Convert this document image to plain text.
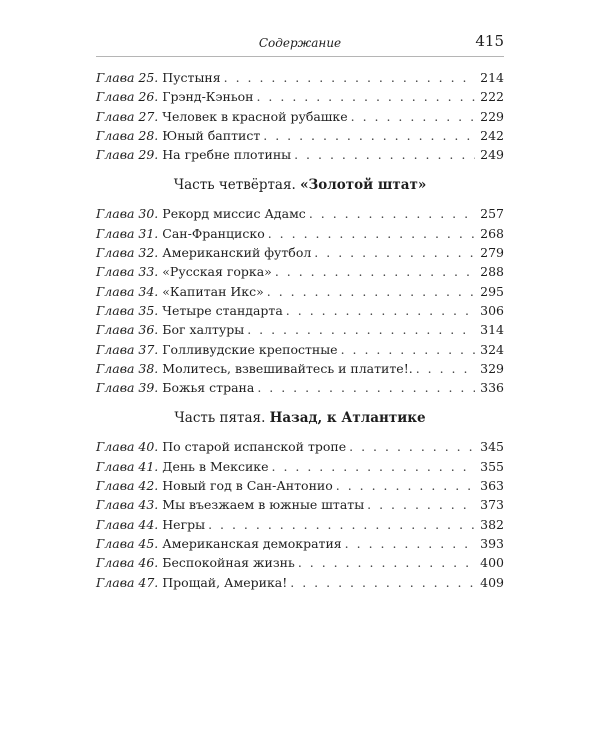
Содержание	415
Глава 25. Пустыня . . .	214
Глава 26. Грэнд-Кэньон . . .	222
Глава 27. Человек в красной рубашке . . .	229
Глава 28. Юный баптист . . .	242
Глава 29. На гребне плотины . . .	249
Часть четвёртая. «Золотой штат»
Глава 30. Рекорд миссис Адамс . . .	257
Глава 31. Сан-Франциско . . .	268
Глава 32. Американский футбол . . .	279
Глава 33. «Русская горка» . . .	288
Глава 34. «Капитан Икс» . . .	295
Глава 35. Четыре стандарта . . .	306
Глава 36. Бог халтуры . . .	314
Глава 37. Голливудские крепостные . . .	324
Глава 38. Молитесь, взвешивайтесь и платите!. . . .	329
Глава 39. Божья страна . . .	336
Часть пятая. Назад, к Атлантике
Глава 40. По старой испанской тропе . . .	345
Глава 41. День в Мексике . . .	355
Глава 42. Новый год в Сан-Антонио . . .	363
Глава 43. Мы въезжаем в южные штаты . . .	373
Глава 44. Негры . . .	382
Глава 45. Американская демократия . . .	393
Глава 46. Беспокойная жизнь . . .	400
Глава 47. Прощай, Америка! . . .	409
